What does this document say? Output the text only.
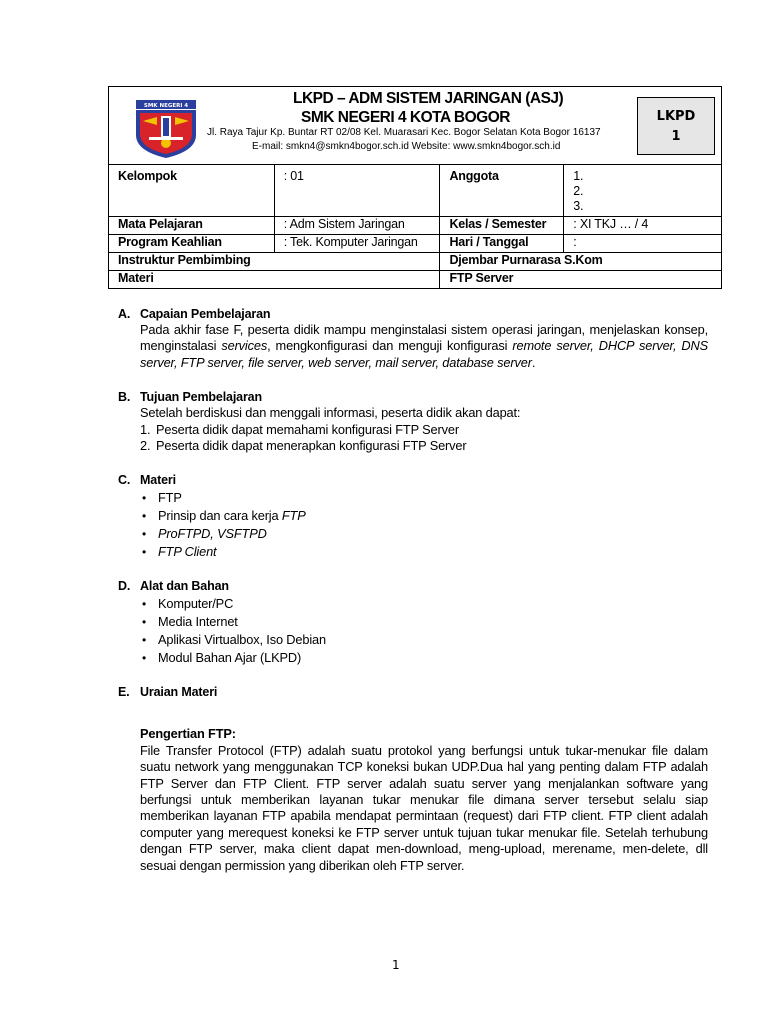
SMK NEGERI 4	LKPD – ADM SISTEM JARINGAN (ASJ)
SMK NEGERI 4 KOTA BOGOR
Jl. Raya Tajur Kp. Buntar RT 02/08 Kel. Muarasari Kec. Bogor Selatan Kota Bogor 16137
E-mail: smkn4@smkn4bogor.sch.id Website: www.smkn4bogor.sch.id
LKPD
1
Kelompok	: 01	Anggota	1.
2.
3.

Mata Pelajaran	: Adm Sistem Jaringan	Kelas / Semester	: XI TKJ … / 4
Program Keahlian	: Tek. Komputer Jaringan	Hari / Tanggal	:
Instruktur Pembimbing		Djembar Purnarasa S.Kom	
Materi		FTP Server	
A. Capaian Pembelajaran
Pada akhir fase F, peserta didik mampu menginstalasi sistem operasi jaringan, menjelaskan konsep, menginstalasi services, mengkonfigurasi dan menguji konfigurasi remote server, DHCP server, DNS server, FTP server, file server, web server, mail server, database server.
B. Tujuan Pembelajaran
Setelah berdiskusi dan menggali informasi, peserta didik akan dapat:
1. Peserta didik dapat memahami konfigurasi FTP Server
2. Peserta didik dapat menerapkan konfigurasi FTP Server
C. Materi
• FTP
• Prinsip dan cara kerja FTP
• ProFTPD, VSFTPD
• FTP Client
D. Alat dan Bahan
• Komputer/PC
• Media Internet
• Aplikasi Virtualbox, Iso Debian
• Modul Bahan Ajar (LKPD)
E. Uraian Materi
Pengertian FTP:
File Transfer Protocol (FTP) adalah suatu protokol yang berfungsi untuk tukar-menukar file dalam suatu network yang menggunakan TCP koneksi bukan UDP.Dua hal yang penting dalam FTP adalah FTP Server dan FTP Client. FTP server adalah suatu server yang menjalankan software yang berfungsi untuk memberikan layanan tukar menukar file dimana server tersebut selalu siap memberikan layanan FTP apabila mendapat permintaan (request) dari FTP client. FTP client adalah computer yang merequest koneksi ke FTP server untuk tujuan tukar menukar file. Setelah terhubung dengan FTP server, maka client dapat men-download, meng-upload, merename, men-delete, dll sesuai dengan permission yang diberikan oleh FTP server.
1
